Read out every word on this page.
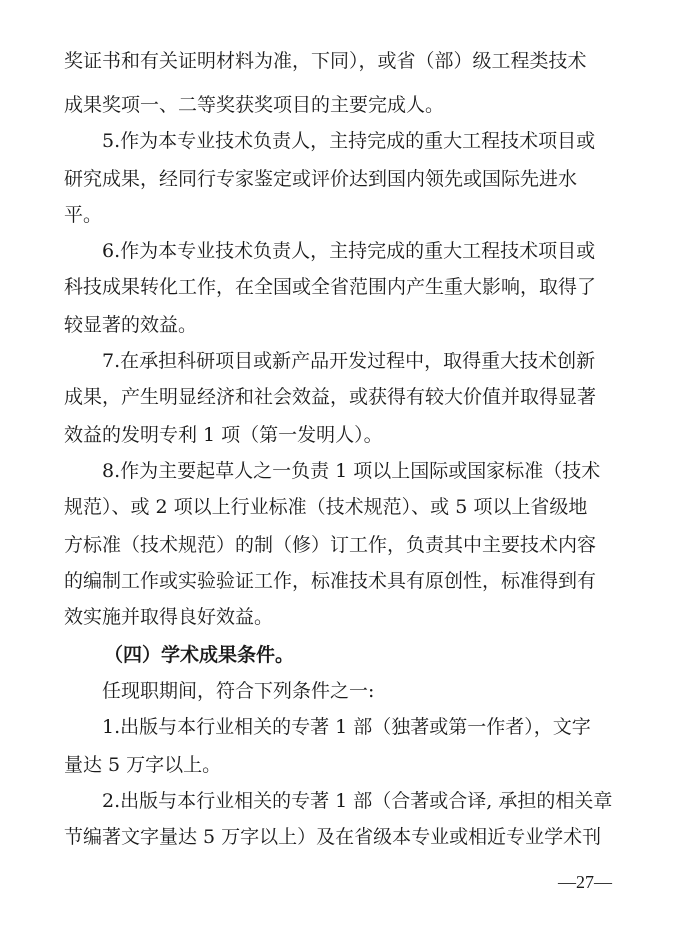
奖证书和有关证明材料为准，下同），或省（部）级工程类技术
成果奖项一、二等奖获奖项目的主要完成人。
5.作为本专业技术负责人，主持完成的重大工程技术项目或
研究成果，经同行专家鉴定或评价达到国内领先或国际先进水
平。
6.作为本专业技术负责人，主持完成的重大工程技术项目或
科技成果转化工作，在全国或全省范围内产生重大影响，取得了
较显著的效益。
7.在承担科研项目或新产品开发过程中，取得重大技术创新
成果，产生明显经济和社会效益，或获得有较大价值并取得显著
效益的发明专利 1 项（第一发明人）。
8.作为主要起草人之一负责 1 项以上国际或国家标准（技术
规范）、或 2 项以上行业标准（技术规范）、或 5 项以上省级地
方标准（技术规范）的制（修）订工作，负责其中主要技术内容
的编制工作或实验验证工作，标准技术具有原创性，标准得到有
效实施并取得良好效益。
（四）学术成果条件。
任现职期间，符合下列条件之一:
1.出版与本行业相关的专著 1 部（独著或第一作者），文字
量达 5 万字以上。
2.出版与本行业相关的专著 1 部（合著或合译, 承担的相关章
节编著文字量达 5 万字以上）及在省级本专业或相近专业学术刊
—27—
